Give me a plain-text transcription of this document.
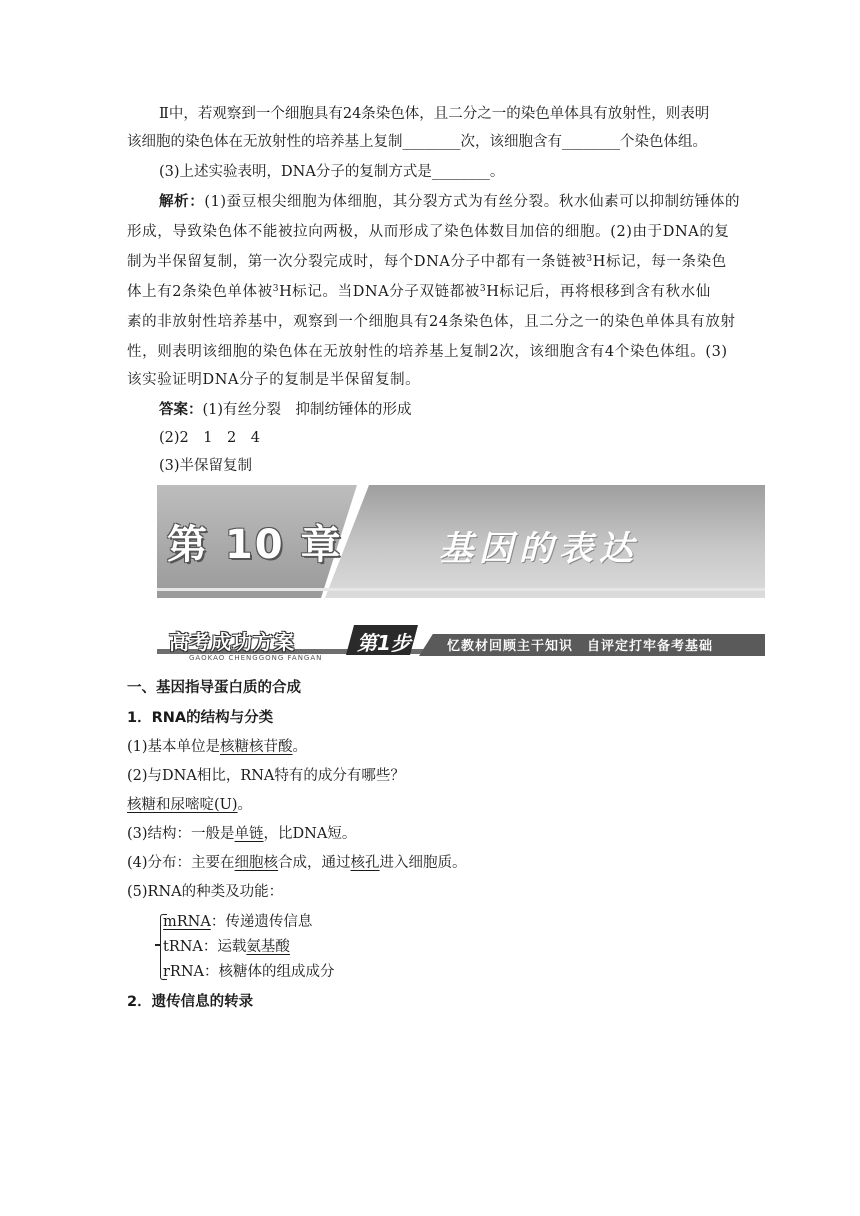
Ⅱ中，若观察到一个细胞具有24条染色体，且二分之一的染色单体具有放射性，则表明
该细胞的染色体在无放射性的培养基上复制________次，该细胞含有________个染色体组。
(3)上述实验表明，DNA分子的复制方式是________。
解析：(1)蚕豆根尖细胞为体细胞，其分裂方式为有丝分裂。秋水仙素可以抑制纺锤体的
形成，导致染色体不能被拉向两极，从而形成了染色体数目加倍的细胞。(2)由于DNA的复
制为半保留复制，第一次分裂完成时，每个DNA分子中都有一条链被$^3$H标记，每一条染色
体上有2条染色单体被$^3$H标记。当DNA分子双链都被$^3$H标记后，再将根移到含有秋水仙
素的非放射性培养基中，观察到一个细胞具有24条染色体，且二分之一的染色单体具有放射
性，则表明该细胞的染色体在无放射性的培养基上复制2次，该细胞含有4个染色体组。(3)
该实验证明DNA分子的复制是半保留复制。
答案：(1)有丝分裂　抑制纺锤体的形成
(2)2　1　2　4
(3)半保留复制
第 10 章	基因的表达
高考成功方案
GAOKAO CHENGGONG FANGAN
第1步	忆教材回顾主干知识　自评定打牢备考基础
一、基因指导蛋白质的合成
1．RNA的结构与分类
(1)基本单位是核糖核苷酸。
(2)与DNA相比，RNA特有的成分有哪些？
核糖和尿嘧啶(U)。
(3)结构：一般是单链，比DNA短。
(4)分布：主要在细胞核合成，通过核孔进入细胞质。
(5)RNA的种类及功能：
mRNA：传递遗传信息
tRNA：运载氨基酸
rRNA：核糖体的组成成分
2．遗传信息的转录
